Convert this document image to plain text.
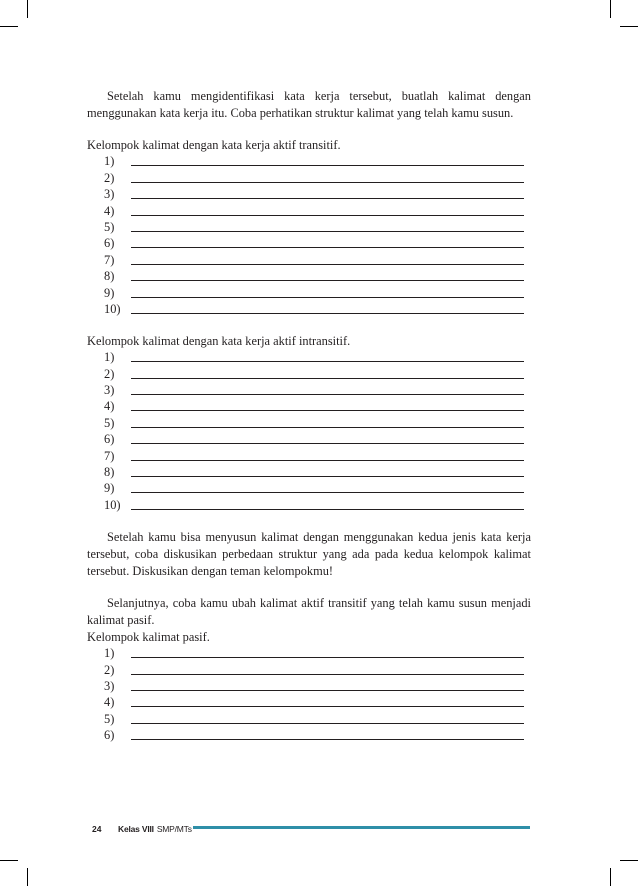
Setelah kamu mengidentifikasi kata kerja tersebut, buatlah kalimat dengan menggunakan kata kerja itu. Coba perhatikan struktur kalimat yang telah kamu susun.

Kelompok kalimat dengan kata kerja aktif transitif.

1)
2)
3)
4)
5)
6)
7)
8)
9)
10)

Kelompok kalimat dengan kata kerja aktif intransitif.

1)
2)
3)
4)
5)
6)
7)
8)
9)
10)

Setelah kamu bisa menyusun kalimat dengan menggunakan kedua jenis kata kerja tersebut, coba diskusikan perbedaan struktur yang ada pada kedua kelompok kalimat tersebut. Diskusikan dengan teman kelompokmu!

Selanjutnya, coba kamu ubah kalimat aktif transitif yang telah kamu susun menjadi kalimat pasif.

Kelompok kalimat pasif.

1)
2)
3)
4)
5)
6)
24	Kelas VIII SMP/MTs
